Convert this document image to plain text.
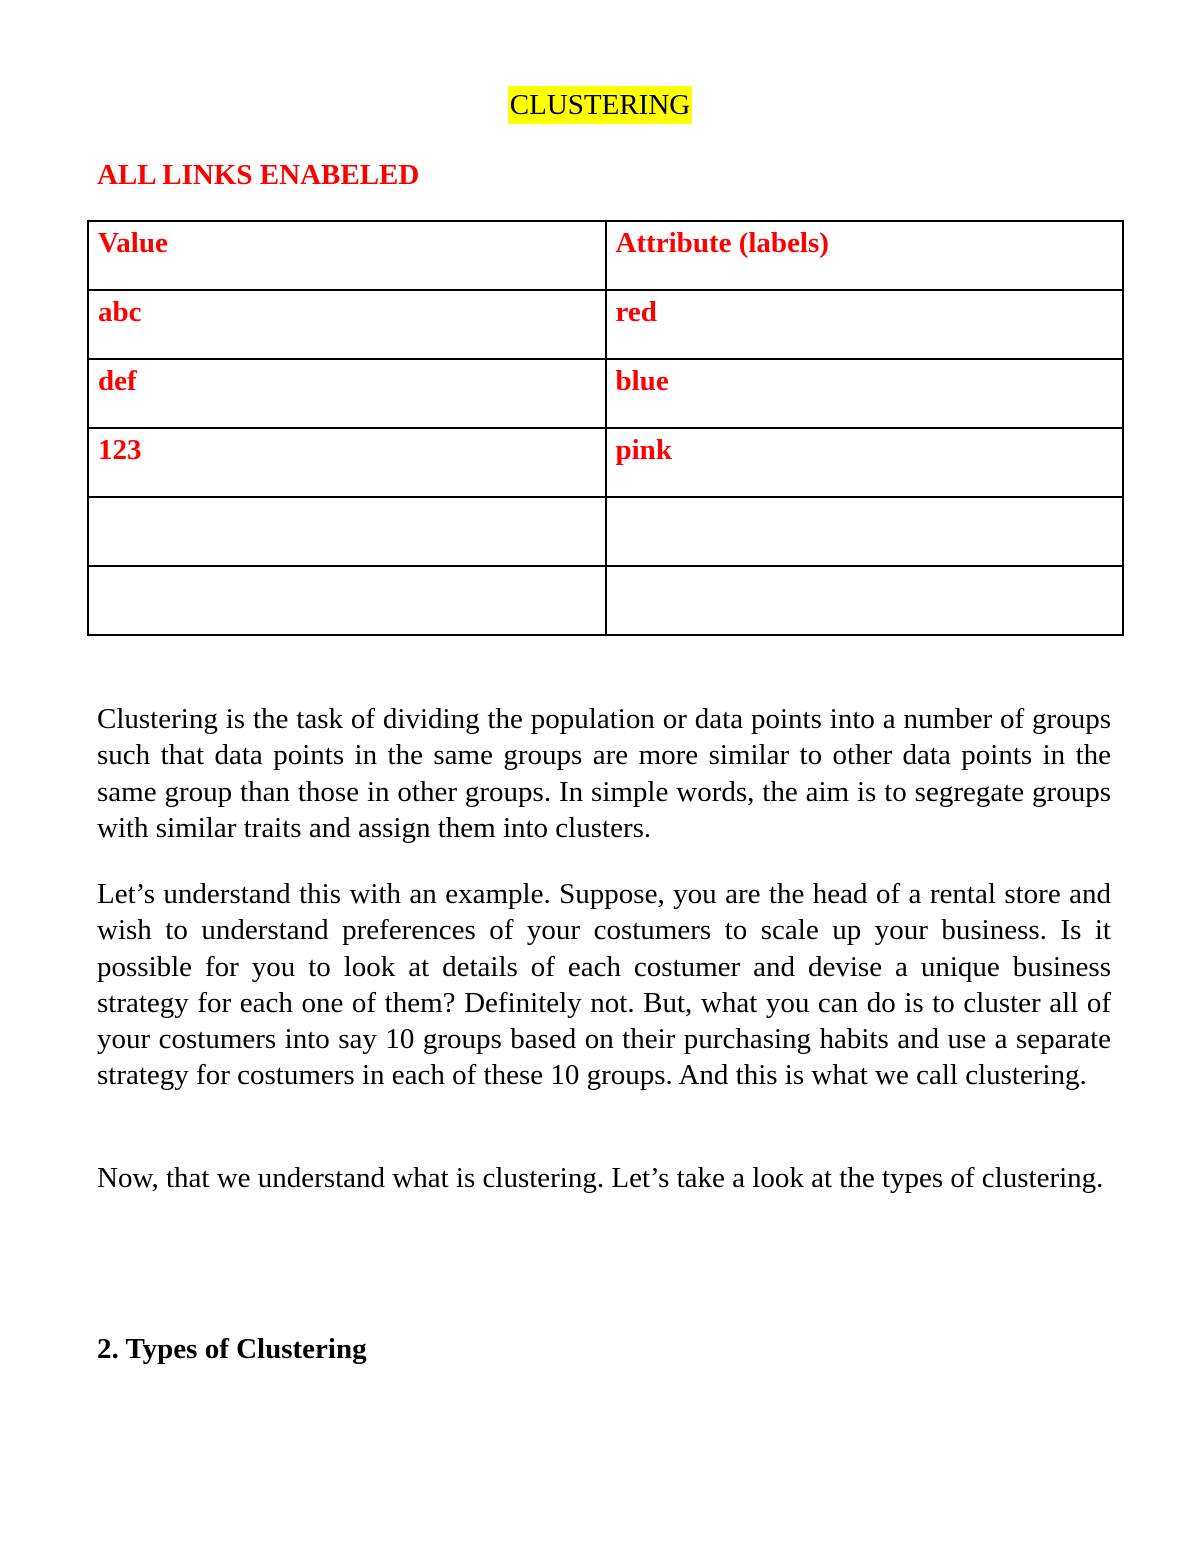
CLUSTERING
ALL LINKS ENABELED
Value	Attribute (labels)
abc	red
def	blue
123	pink

Clustering is the task of dividing the population or data points into a number of groups such that data points in the same groups are more similar to other data points in the same group than those in other groups. In simple words, the aim is to segregate groups with similar traits and assign them into clusters.

Let’s understand this with an example. Suppose, you are the head of a rental store and wish to understand preferences of your costumers to scale up your business. Is it possible for you to look at details of each costumer and devise a unique business strategy for each one of them? Definitely not. But, what you can do is to cluster all of your costumers into say 10 groups based on their purchasing habits and use a separate strategy for costumers in each of these 10 groups. And this is what we call clustering.

Now, that we understand what is clustering. Let’s take a look at the types of clustering.

2. Types of Clustering
